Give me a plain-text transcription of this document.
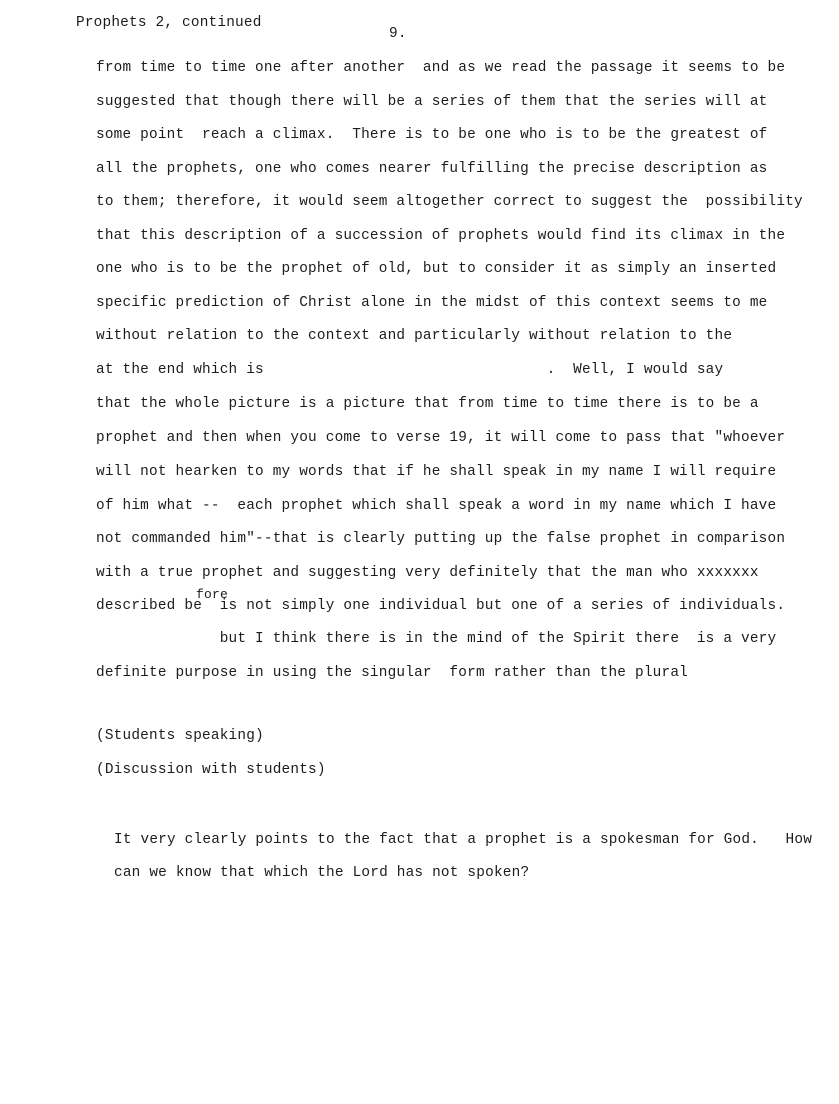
Prophets 2, continued
9.
from time to time one after another  and as we read the passage it seems to be
suggested that though there will be a series of them that the series will at
some point  reach a climax.  There is to be one who is to be the greatest of
all the prophets, one who comes nearer fulfilling the precise description as
to them; therefore, it would seem altogether correct to suggest the  possibility
that this description of a succession of prophets would find its climax in the
one who is to be the prophet of old, but to consider it as simply an inserted
specific prediction of Christ alone in the midst of this context seems to me
without relation to the context and particularly without relation to the
at the end which is                                .  Well, I would say
that the whole picture is a picture that from time to time there is to be a
prophet and then when you come to verse 19, it will come to pass that "whoever
will not hearken to my words that if he shall speak in my name I will require
of him what --  each prophet which shall speak a word in my name which I have
not commanded him"--that is clearly putting up the false prophet in comparison
with a true prophet and suggesting very definitely that the man who xxxxxxx
fore
described be  is not simply one individual but one of a series of individuals.
but I think there is in the mind of the Spirit there  is a very
definite purpose in using the singular  form rather than the plural
(Students speaking)
(Discussion with students)
It very clearly points to the fact that a prophet is a spokesman for God.   How
can we know that which the Lord has not spoken?
